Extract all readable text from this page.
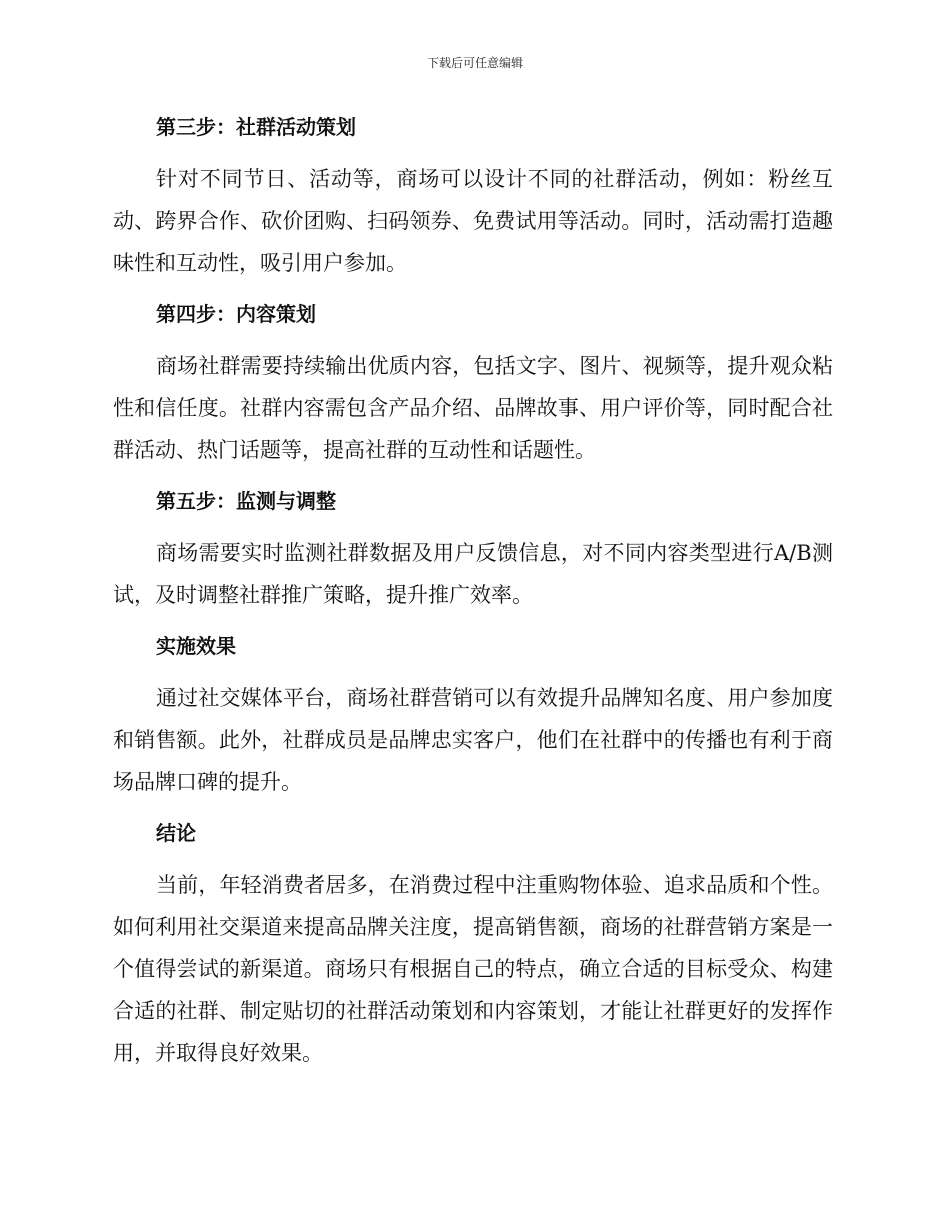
下载后可任意编辑
第三步：社群活动策划

针对不同节日、活动等，商场可以设计不同的社群活动，例如：粉丝互动、跨界合作、砍价团购、扫码领券、免费试用等活动。同时，活动需打造趣味性和互动性，吸引用户参加。

第四步：内容策划

商场社群需要持续输出优质内容，包括文字、图片、视频等，提升观众粘性和信任度。社群内容需包含产品介绍、品牌故事、用户评价等，同时配合社群活动、热门话题等，提高社群的互动性和话题性。

第五步：监测与调整

商场需要实时监测社群数据及用户反馈信息，对不同内容类型进行A/B测试，及时调整社群推广策略，提升推广效率。

实施效果

通过社交媒体平台，商场社群营销可以有效提升品牌知名度、用户参加度和销售额。此外，社群成员是品牌忠实客户，他们在社群中的传播也有利于商场品牌口碑的提升。

结论

当前，年轻消费者居多，在消费过程中注重购物体验、追求品质和个性。如何利用社交渠道来提高品牌关注度，提高销售额，商场的社群营销方案是一个值得尝试的新渠道。商场只有根据自己的特点，确立合适的目标受众、构建合适的社群、制定贴切的社群活动策划和内容策划，才能让社群更好的发挥作用，并取得良好效果。
